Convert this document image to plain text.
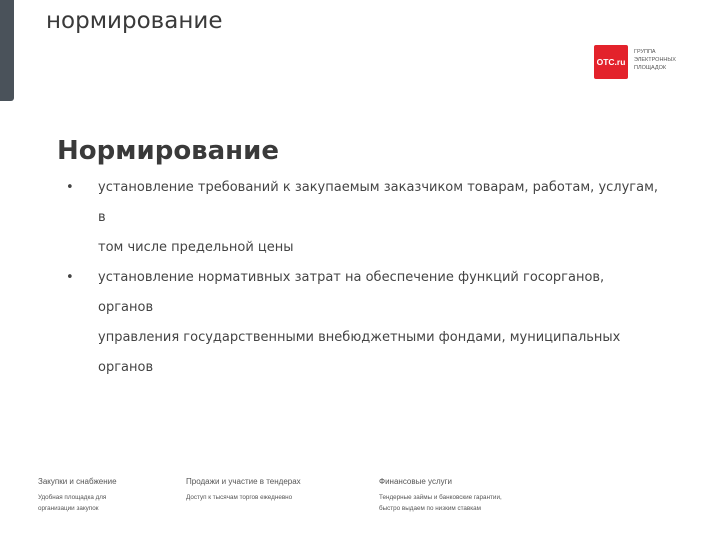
нормирование
OTC.ru
ГРУППА
ЭЛЕКТРОННЫХ
ПЛОЩАДОК
Нормирование
• установление требований к закупаемым заказчиком товарам, работам, услугам, в
том числе предельной цены
• установление нормативных затрат на обеспечение функций госорганов, органов
управления государственными внебюджетными фондами, муниципальных органов
Закупки и снабжение
Удобная площадка для
организации закупок
Продажи и участие в тендерах
Доступ к тысячам торгов ежедневно
Финансовые услуги
Тендерные займы и банковские гарантии,
быстро выдаем по низким ставкам
